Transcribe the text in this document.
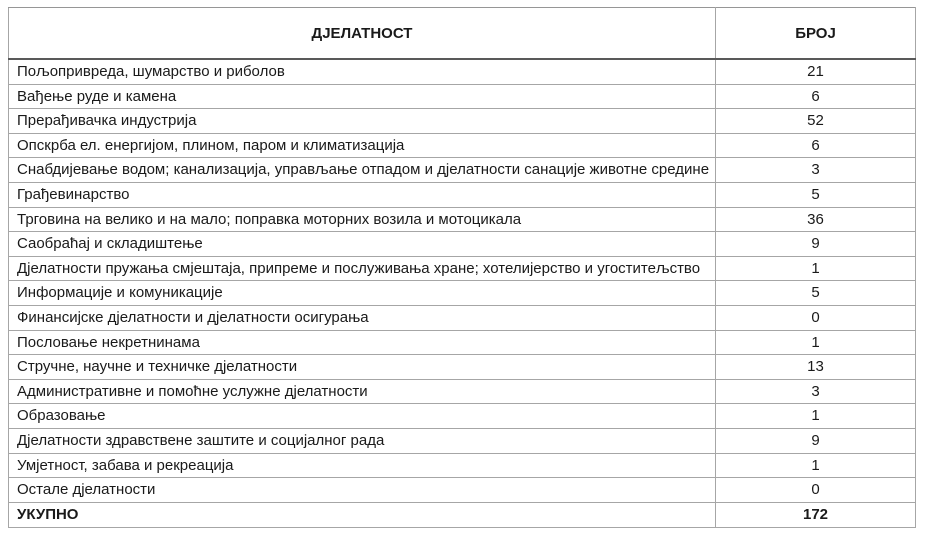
ДЈЕЛАТНОСТ	БРОЈ
Пољопривреда, шумарство и риболов	21
Вађење руде и камена	6
Прерађивачка индустрија	52
Опскрба ел. енергијом, плином, паром и климатизација	6
Снабдијевање водом; канализација, управљање отпадом и дјелатности санације животне средине	3
Грађевинарство	5
Трговина на велико и на мало; поправка моторних возила и мотоцикала	36
Саобраћај и складиштење	9
Дјелатности пружања смјештаја, припреме и послуживања хране; хотелијерство и угоститељство	1
Информације и комуникације	5
Финансијске дјелатности и дјелатности осигурања	0
Пословање некретнинама	1
Стручне, научне и техничке дјелатности	13
Административне и помоћне услужне дјелатности	3
Образовање	1
Дјелатности здравствене заштите и социјалног рада	9
Умјетност, забава и рекреација	1
Остале дјелатности	0
УКУПНО	172
